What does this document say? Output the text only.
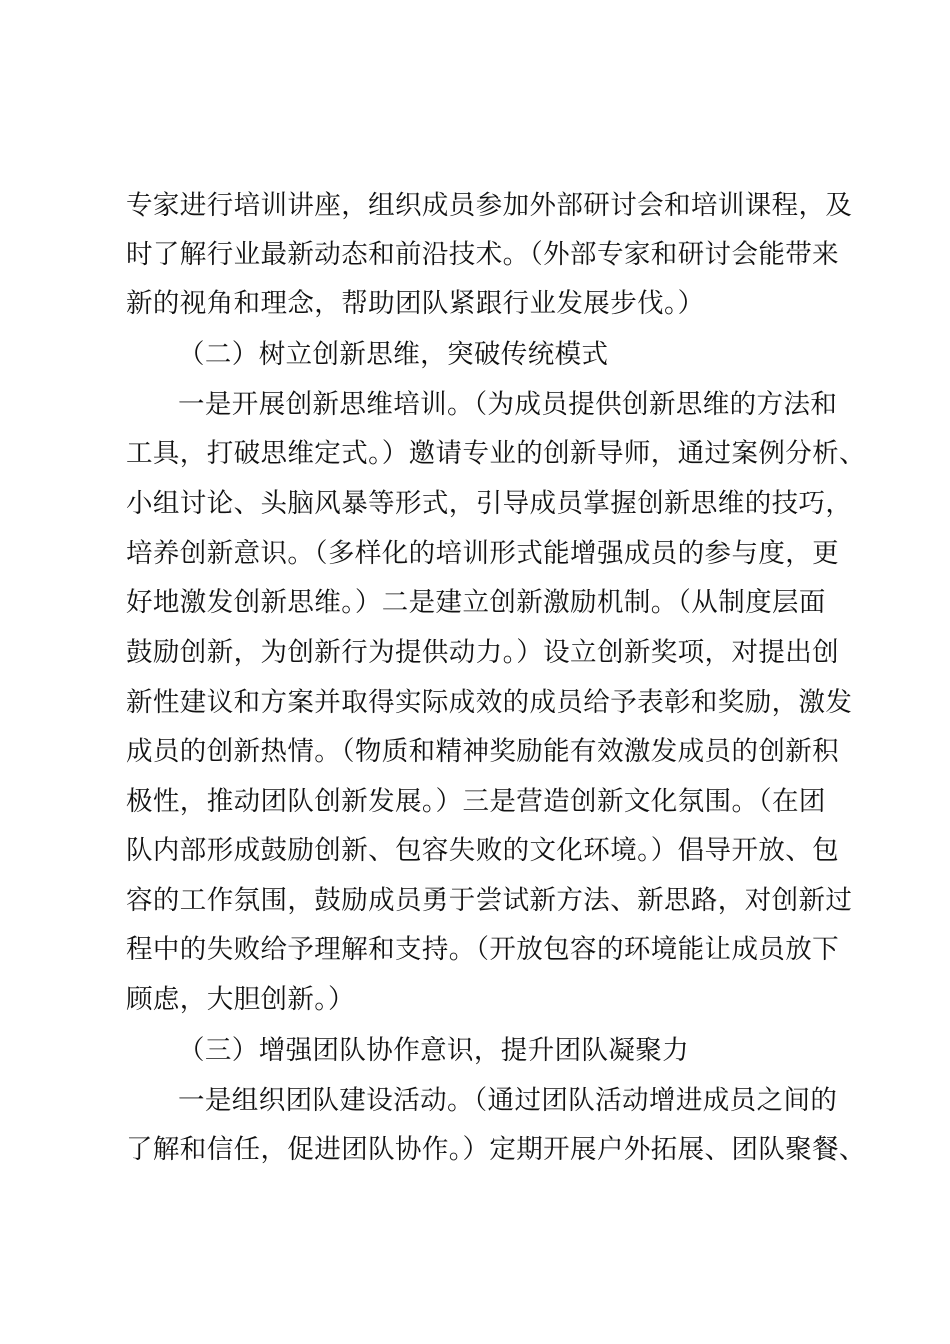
专家进行培训讲座，组织成员参加外部研讨会和培训课程，及
时了解行业最新动态和前沿技术。（外部专家和研讨会能带来
新的视角和理念，帮助团队紧跟行业发展步伐。）
（二）树立创新思维，突破传统模式
一是开展创新思维培训。（为成员提供创新思维的方法和
工具，打破思维定式。）邀请专业的创新导师，通过案例分析、
小组讨论、头脑风暴等形式，引导成员掌握创新思维的技巧，
培养创新意识。（多样化的培训形式能增强成员的参与度，更
好地激发创新思维。）二是建立创新激励机制。（从制度层面
鼓励创新，为创新行为提供动力。）设立创新奖项，对提出创
新性建议和方案并取得实际成效的成员给予表彰和奖励，激发
成员的创新热情。（物质和精神奖励能有效激发成员的创新积
极性，推动团队创新发展。）三是营造创新文化氛围。（在团
队内部形成鼓励创新、包容失败的文化环境。）倡导开放、包
容的工作氛围，鼓励成员勇于尝试新方法、新思路，对创新过
程中的失败给予理解和支持。（开放包容的环境能让成员放下
顾虑，大胆创新。）
（三）增强团队协作意识，提升团队凝聚力
一是组织团队建设活动。（通过团队活动增进成员之间的
了解和信任，促进团队协作。）定期开展户外拓展、团队聚餐、
